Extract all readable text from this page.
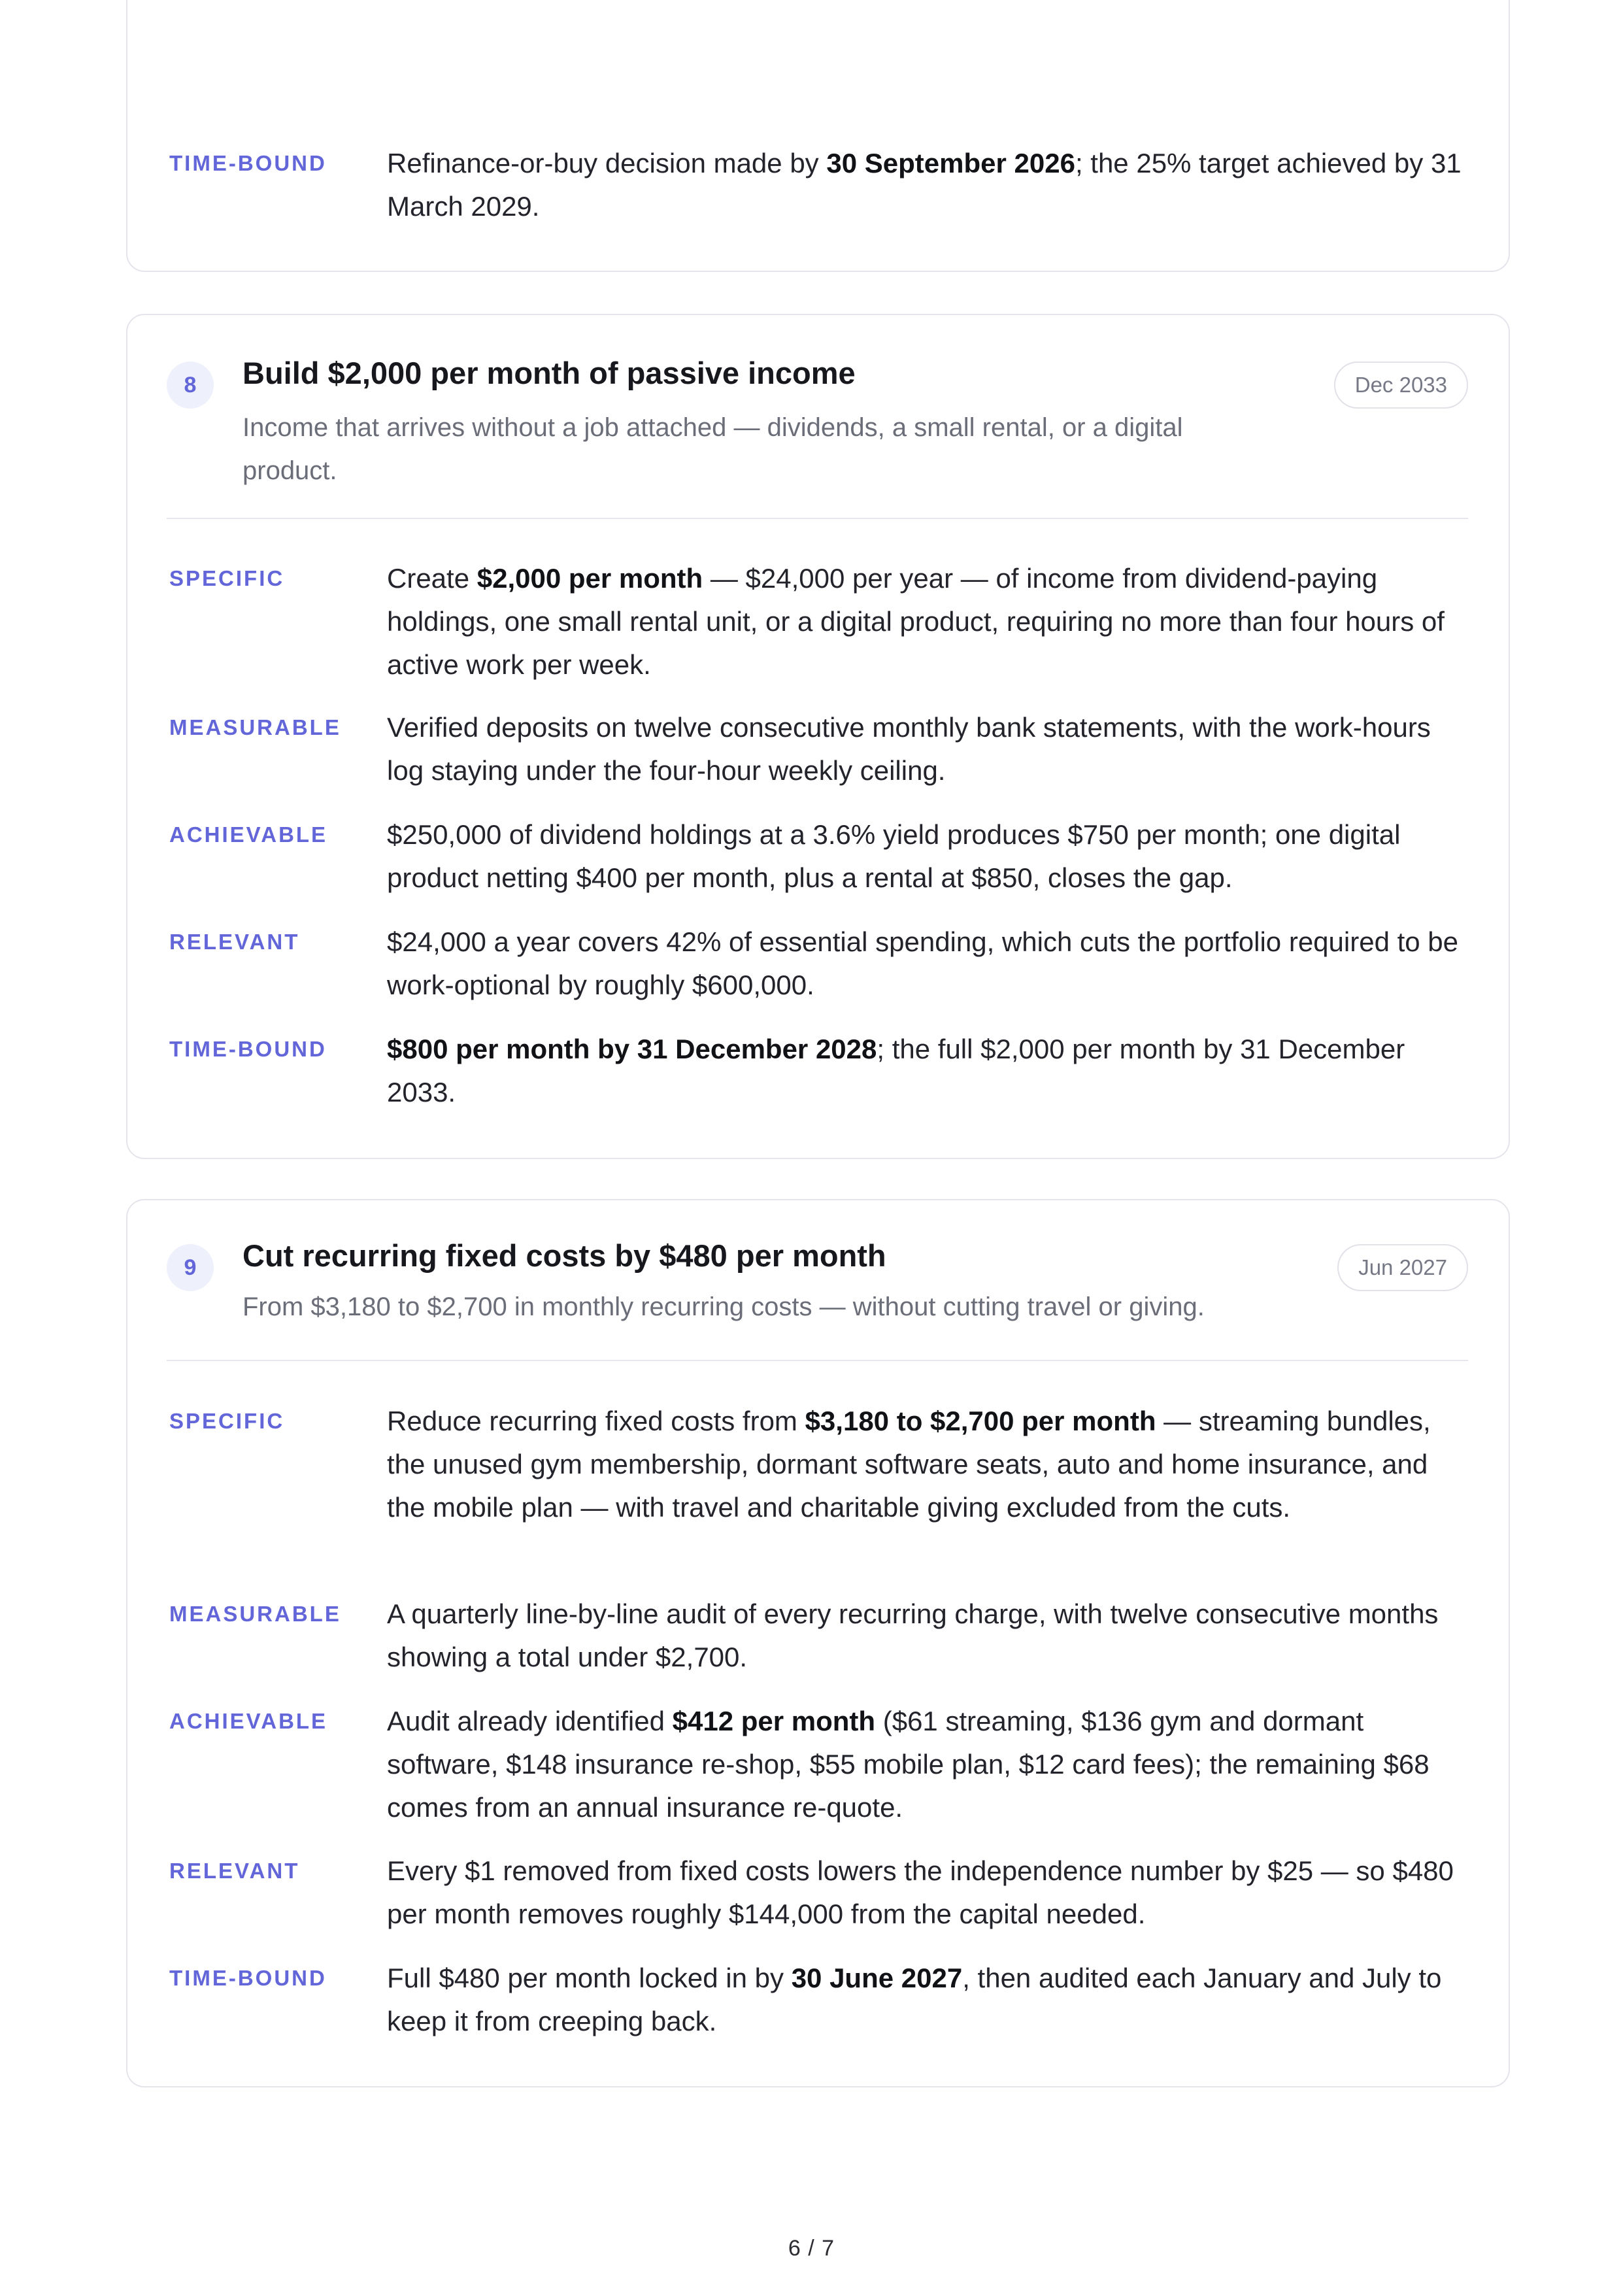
TIME-BOUND Refinance-or-buy decision made by 30 September 2026; the 25% target achieved by 31 March 2029.
8	Build $2,000 per month of passive income
Income that arrives without a job attached — dividends, a small rental, or a digital product.
Dec 2033
SPECIFIC	Create $2,000 per month — $24,000 per year — of income from dividend-paying holdings, one small rental unit, or a digital product, requiring no more than four hours of active work per week.
MEASURABLE Verified deposits on twelve consecutive monthly bank statements, with the work-hours log staying under the four-hour weekly ceiling.
ACHIEVABLE $250,000 of dividend holdings at a 3.6% yield produces $750 per month; one digital product netting $400 per month, plus a rental at $850, closes the gap.
RELEVANT	$24,000 a year covers 42% of essential spending, which cuts the portfolio required to be work-optional by roughly $600,000.
TIME-BOUND $800 per month by 31 December 2028; the full $2,000 per month by 31 December 2033.
9	Cut recurring fixed costs by $480 per month
From $3,180 to $2,700 in monthly recurring costs — without cutting travel or giving.
Jun 2027
SPECIFIC	Reduce recurring fixed costs from $3,180 to $2,700 per month — streaming bundles, the unused gym membership, dormant software seats, auto and home insurance, and the mobile plan — with travel and charitable giving excluded from the cuts.
MEASURABLE A quarterly line-by-line audit of every recurring charge, with twelve consecutive months showing a total under $2,700.
ACHIEVABLE Audit already identified $412 per month ($61 streaming, $136 gym and dormant software, $148 insurance re-shop, $55 mobile plan, $12 card fees); the remaining $68 comes from an annual insurance re-quote.
RELEVANT	Every $1 removed from fixed costs lowers the independence number by $25 — so $480 per month removes roughly $144,000 from the capital needed.
TIME-BOUND Full $480 per month locked in by 30 June 2027, then audited each January and July to keep it from creeping back.
6 / 7
